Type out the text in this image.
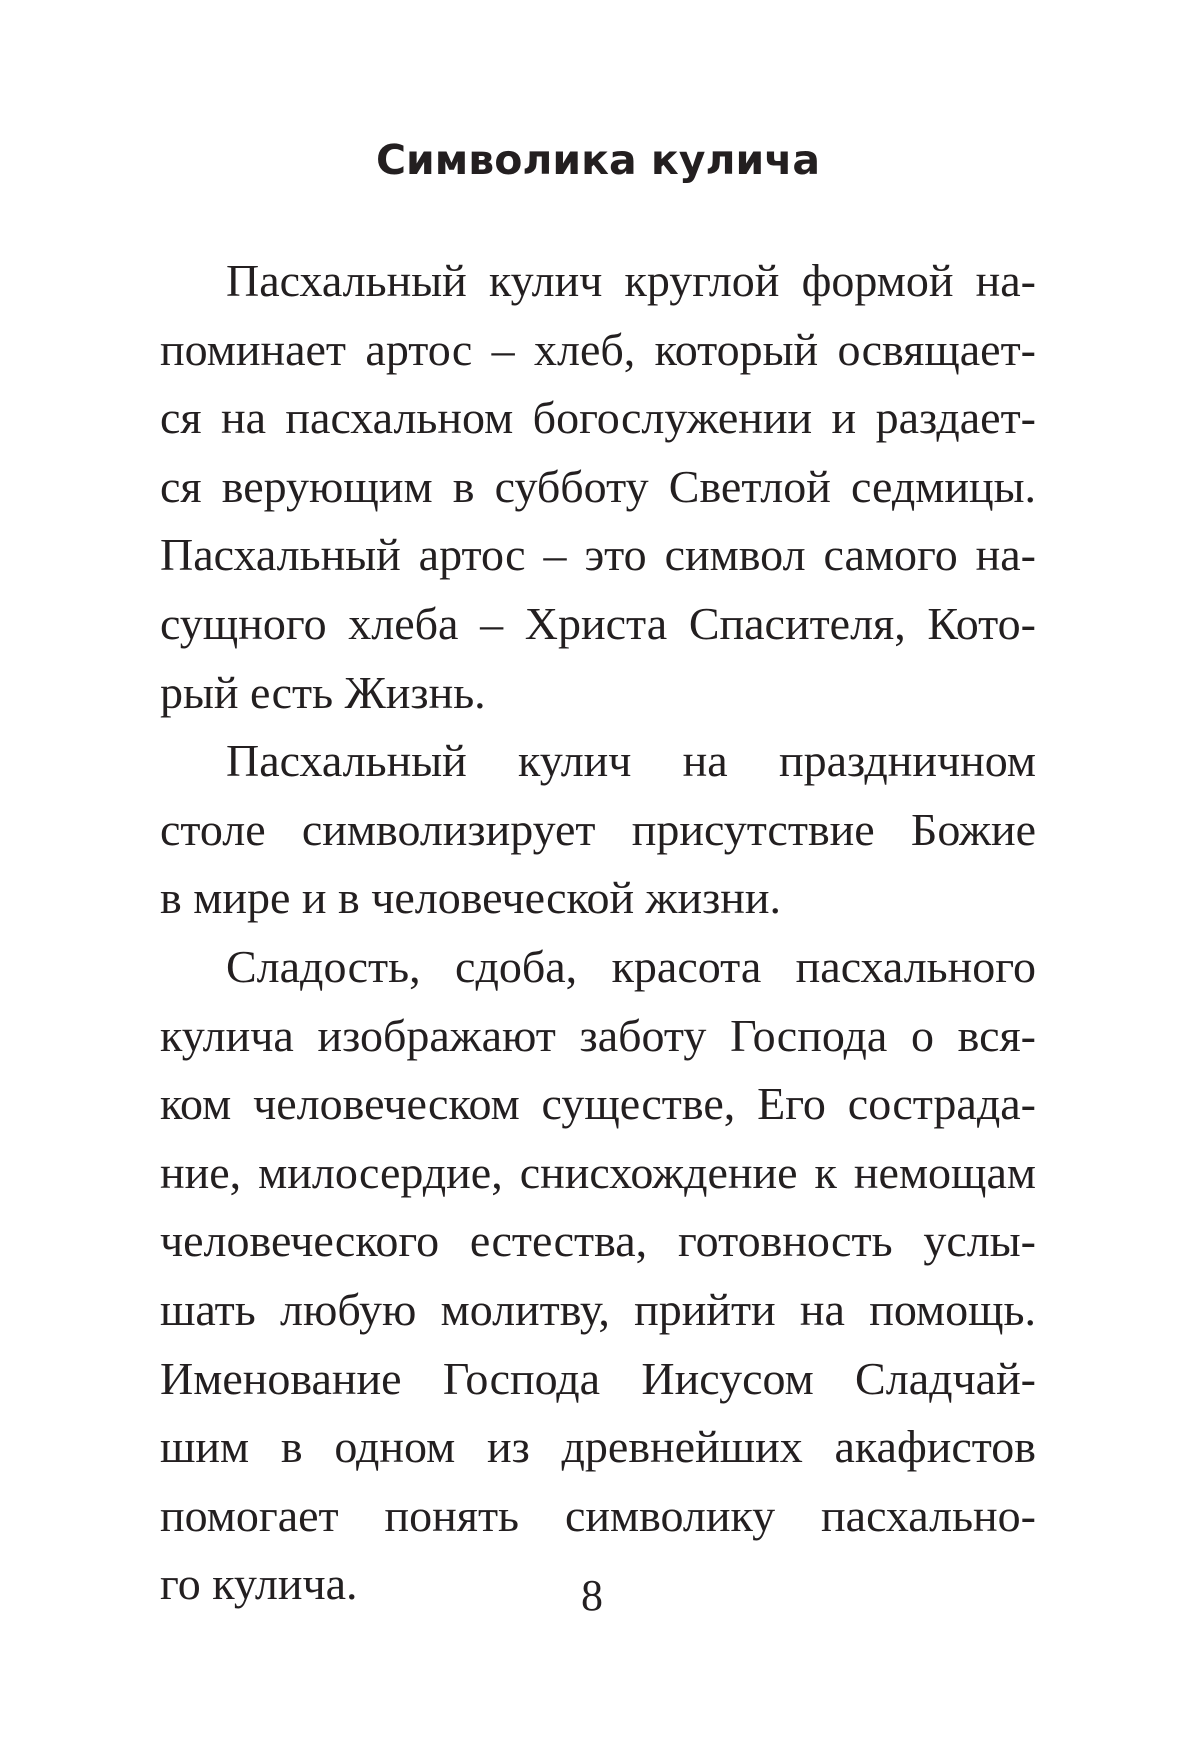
Символика кулича
Пасхальный кулич круглой формой на-
поминает артос – хлеб, который освящает-
ся на пасхальном богослужении и раздает-
ся верующим в субботу Светлой седмицы.
Пасхальный артос – это символ самого на-
сущного хлеба – Христа Спасителя, Кото-
рый есть Жизнь.
Пасхальный кулич на праздничном
столе символизирует присутствие Божие
в мире и в человеческой жизни.
Сладость, сдоба, красота пасхального
кулича изображают заботу Господа о вся-
ком человеческом существе, Его сострада-
ние, милосердие, снисхождение к немощам
человеческого естества, готовность услы-
шать любую молитву, прийти на помощь.
Именование Господа Иисусом Сладчай-
шим в одном из древнейших акафистов
помогает понять символику пасхально-
го кулича.	8
